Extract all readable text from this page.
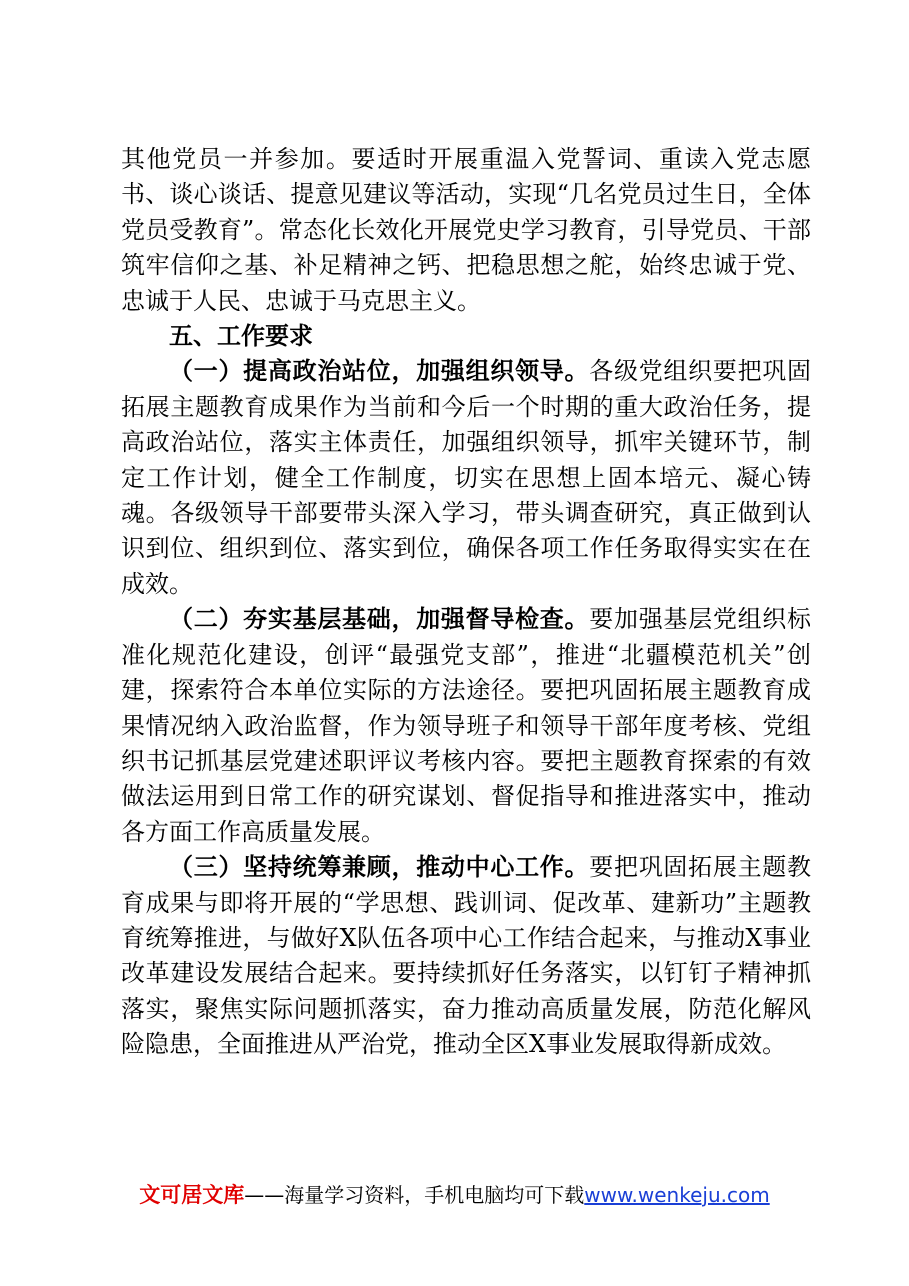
其他党员一并参加。要适时开展重温入党誓词、重读入党志愿书、谈心谈话、提意见建议等活动，实现“几名党员过生日，全体党员受教育”。常态化长效化开展党史学习教育，引导党员、干部筑牢信仰之基、补足精神之钙、把稳思想之舵，始终忠诚于党、忠诚于人民、忠诚于马克思主义。

五、工作要求

（一）提高政治站位，加强组织领导。各级党组织要把巩固拓展主题教育成果作为当前和今后一个时期的重大政治任务，提高政治站位，落实主体责任，加强组织领导，抓牢关键环节，制定工作计划，健全工作制度，切实在思想上固本培元、凝心铸魂。各级领导干部要带头深入学习，带头调查研究，真正做到认识到位、组织到位、落实到位，确保各项工作任务取得实实在在成效。

（二）夯实基层基础，加强督导检查。要加强基层党组织标准化规范化建设，创评“最强党支部”，推进“北疆模范机关”创建，探索符合本单位实际的方法途径。要把巩固拓展主题教育成果情况纳入政治监督，作为领导班子和领导干部年度考核、党组织书记抓基层党建述职评议考核内容。要把主题教育探索的有效做法运用到日常工作的研究谋划、督促指导和推进落实中，推动各方面工作高质量发展。

（三）坚持统筹兼顾，推动中心工作。要把巩固拓展主题教育成果与即将开展的“学思想、践训词、促改革、建新功”主题教育统筹推进，与做好X队伍各项中心工作结合起来，与推动X事业改革建设发展结合起来。要持续抓好任务落实，以钉钉子精神抓落实，聚焦实际问题抓落实，奋力推动高质量发展，防范化解风险隐患，全面推进从严治党，推动全区X事业发展取得新成效。

文可居文库——海量学习资料，手机电脑均可下载www.wenkeju.com
